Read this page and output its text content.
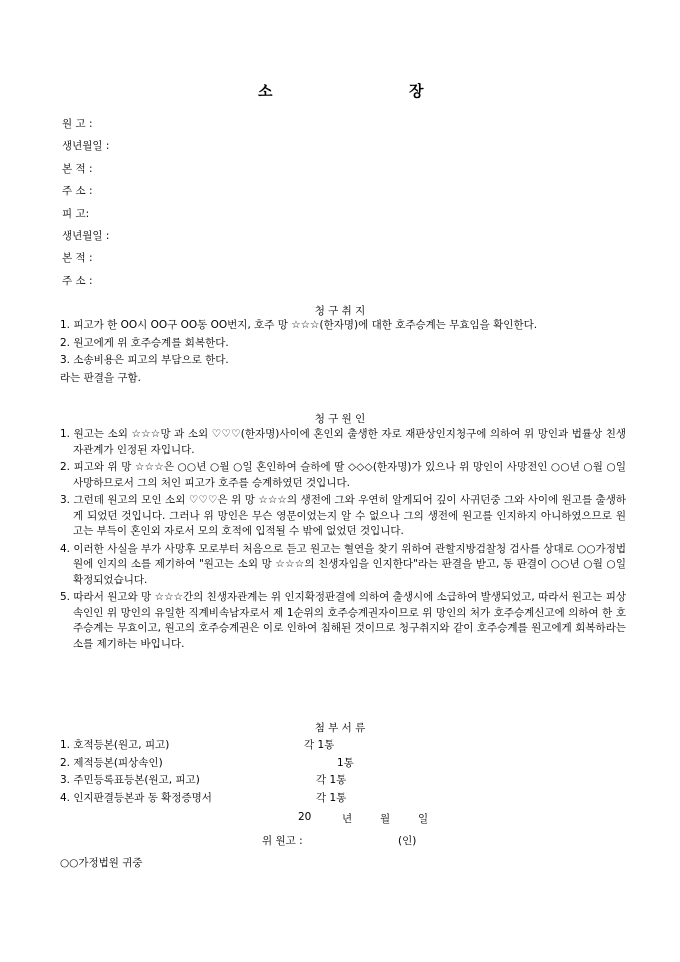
소	장
원 고 :
생년월일 :
본 적 :
주 소 :
피 고:
생년월일 :
본 적 :
주 소 :
청 구 취 지
1. 피고가 한 OO시 OO구 OO동 OO번지, 호주 망 ☆☆☆(한자명)에 대한 호주승계는 무효임을 확인한다.
2. 원고에게 위 호주승계를 회복한다.
3. 소송비용은 피고의 부담으로 한다.
라는 판결을 구함.
청 구 원 인
1. 원고는 소외 ☆☆☆망 과 소외 ♡♡♡(한자명)사이에 혼인외 출생한 자로 재판상인지청구에 의하여 위 망인과 법률상 친생자관계가 인정된 자입니다.
2. 피고와 위 망 ☆☆☆은 ○○년 ○월 ○일 혼인하여 슬하에 딸 ◇◇◇(한자명)가 있으나 위 망인이 사망전인 ○○년 ○월 ○일 사망하므로서 그의 처인 피고가 호주를 승계하였던 것입니다.
3. 그런데 원고의 모인 소외 ♡♡♡은 위 망 ☆☆☆의 생전에 그와 우연히 알게되어 깊이 사귀던중 그와 사이에 원고를 출생하게 되었던 것입니다. 그러나 위 망인은 무슨 영문이었는지 알 수 없으나 그의 생전에 원고를 인지하지 아니하였으므로 원고는 부득이 혼인외 자로서 모의 호적에 입적될 수 밖에 없었던 것입니다.
4. 이러한 사실을 부가 사망후 모로부터 처음으로 듣고 원고는 혈연을 찾기 위하여 관할지방검찰청 검사를 상대로 ○○가정법원에 인지의 소를 제기하여 "원고는 소외 망 ☆☆☆의 친생자임을 인지한다"라는 판결을 받고, 동 판결이 ○○년 ○월 ○일 확정되었습니다.
5. 따라서 원고와 망 ☆☆☆간의 친생자관계는 위 인지확정판결에 의하여 출생시에 소급하여 발생되었고, 따라서 원고는 피상속인인 위 망인의 유일한 직계비속남자로서 제 1순위의 호주승계권자이므로 위 망인의 처가 호주승계신고에 의하여 한 호주승계는 무효이고, 원고의 호주승계권은 이로 인하여 침해된 것이므로 청구취지와 같이 호주승계를 원고에게 회복하라는 소를 제기하는 바입니다.
첨 부 서 류
1. 호적등본(원고, 피고)	각 1통
2. 제적등본(피상속인)	1통
3. 주민등록표등본(원고, 피고)	각 1통
4. 인지판결등본과 동 확정증명서	각 1통
20	년	월	일
위 원고 :	(인)
○○가정법원 귀중
